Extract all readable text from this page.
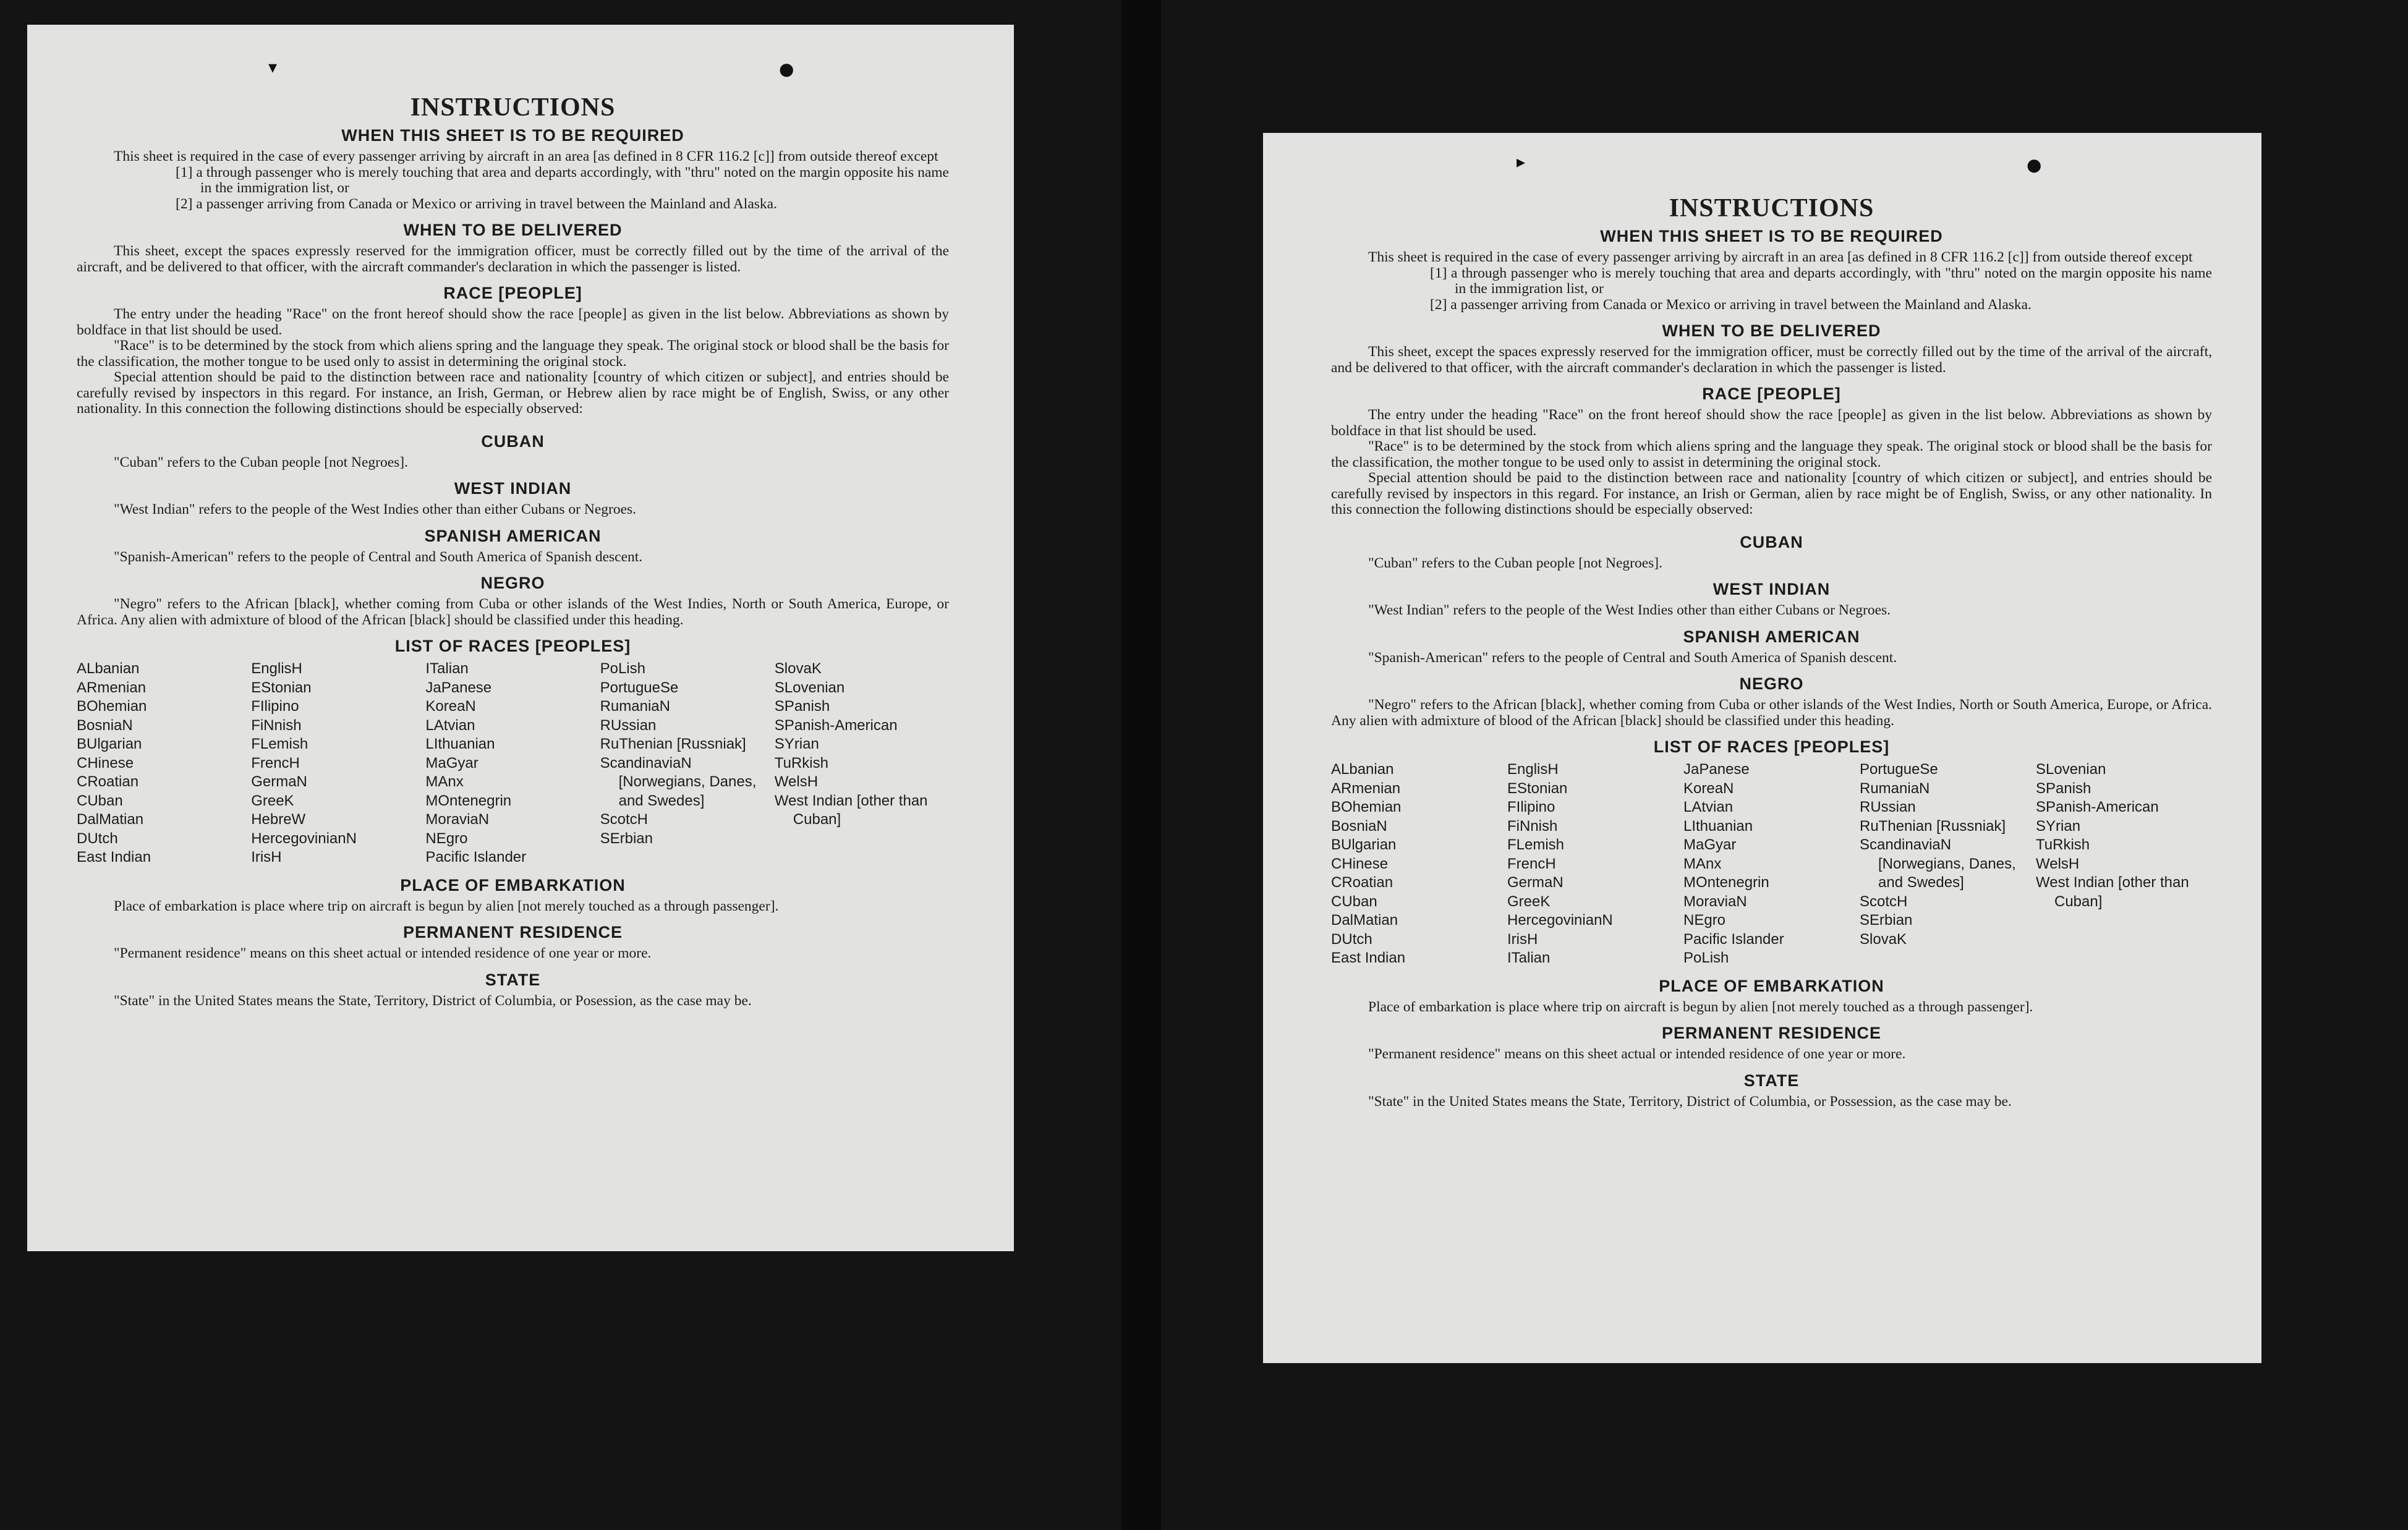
▾	●
INSTRUCTIONS
WHEN THIS SHEET IS TO BE REQUIRED

This sheet is required in the case of every passenger arriving by aircraft in an area [as defined in 8 CFR 116.2 [c]] from outside thereof except

[1] a through passenger who is merely touching that area and departs accordingly, with "thru" noted on the margin opposite his name in the immigration list, or

[2] a passenger arriving from Canada or Mexico or arriving in travel between the Mainland and Alaska.

WHEN TO BE DELIVERED

This sheet, except the spaces expressly reserved for the immigration officer, must be correctly filled out by the time of the arrival of the aircraft, and be delivered to that officer, with the aircraft commander's declaration in which the passenger is listed.

RACE [PEOPLE]

The entry under the heading "Race" on the front hereof should show the race [people] as given in the list below. Abbreviations as shown by boldface in that list should be used.

"Race" is to be determined by the stock from which aliens spring and the language they speak. The original stock or blood shall be the basis for the classification, the mother tongue to be used only to assist in determining the original stock.

Special attention should be paid to the distinction between race and nationality [country of which citizen or subject], and entries should be carefully revised by inspectors in this regard. For instance, an Irish, German, or Hebrew alien by race might be of English, Swiss, or any other nationality. In this connection the following distinctions should be especially observed:

CUBAN

"Cuban" refers to the Cuban people [not Negroes].

WEST INDIAN

"West Indian" refers to the people of the West Indies other than either Cubans or Negroes.

SPANISH AMERICAN

"Spanish-American" refers to the people of Central and South America of Spanish descent.

NEGRO

"Negro" refers to the African [black], whether coming from Cuba or other islands of the West Indies, North or South America, Europe, or Africa. Any alien with admixture of blood of the African [black] should be classified under this heading.

LIST OF RACES [PEOPLES]
ALbanian
ARmenian
BOhemian
BosniaN
BUlgarian
CHinese
CRoatian
CUban
DalMatian
DUtch
East Indian
EnglisH
EStonian
FIlipino
FiNnish
FLemish
FrencH
GermaN
GreeK
HebreW
HercegovinianN
IrisH
ITalian
JaPanese
KoreaN
LAtvian
LIthuanian
MaGyar
MAnx
MOntenegrin
MoraviaN
NEgro
Pacific Islander
PoLish
PortugueSe
RumaniaN
RUssian
RuThenian [Russniak]
ScandinaviaN [Norwegians, Danes, and Swedes]
ScotcH
SErbian
SlovaK
SLovenian
SPanish
SPanish-American
SYrian
TuRkish
WelsH
West Indian [other than Cuban]
PLACE OF EMBARKATION

Place of embarkation is place where trip on aircraft is begun by alien [not merely touched as a through passenger].

PERMANENT RESIDENCE

"Permanent residence" means on this sheet actual or intended residence of one year or more.

STATE

"State" in the United States means the State, Territory, District of Columbia, or Posession, as the case may be.

▸	●
INSTRUCTIONS
WHEN THIS SHEET IS TO BE REQUIRED

This sheet is required in the case of every passenger arriving by aircraft in an area [as defined in 8 CFR 116.2 [c]] from outside thereof except

[1] a through passenger who is merely touching that area and departs accordingly, with "thru" noted on the margin opposite his name in the immigration list, or

[2] a passenger arriving from Canada or Mexico or arriving in travel between the Mainland and Alaska.

WHEN TO BE DELIVERED

This sheet, except the spaces expressly reserved for the immigration officer, must be correctly filled out by the time of the arrival of the aircraft, and be delivered to that officer, with the aircraft commander's declaration in which the passenger is listed.

RACE [PEOPLE]

The entry under the heading "Race" on the front hereof should show the race [people] as given in the list below. Abbreviations as shown by boldface in that list should be used.

"Race" is to be determined by the stock from which aliens spring and the language they speak. The original stock or blood shall be the basis for the classification, the mother tongue to be used only to assist in determining the original stock.

Special attention should be paid to the distinction between race and nationality [country of which citizen or subject], and entries should be carefully revised by inspectors in this regard. For instance, an Irish or German, alien by race might be of English, Swiss, or any other nationality. In this connection the following distinctions should be especially observed:

CUBAN

"Cuban" refers to the Cuban people [not Negroes].

WEST INDIAN

"West Indian" refers to the people of the West Indies other than either Cubans or Negroes.

SPANISH AMERICAN

"Spanish-American" refers to the people of Central and South America of Spanish descent.

NEGRO

"Negro" refers to the African [black], whether coming from Cuba or other islands of the West Indies, North or South America, Europe, or Africa. Any alien with admixture of blood of the African [black] should be classified under this heading.

LIST OF RACES [PEOPLES]
ALbanian
ARmenian
BOhemian
BosniaN
BUlgarian
CHinese
CRoatian
CUban
DalMatian
DUtch
East Indian
EnglisH
EStonian
FIlipino
FiNnish
FLemish
FrencH
GermaN
GreeK
HercegovinianN
IrisH
ITalian
JaPanese
KoreaN
LAtvian
LIthuanian
MaGyar
MAnx
MOntenegrin
MoraviaN
NEgro
Pacific Islander
PoLish
PortugueSe
RumaniaN
RUssian
RuThenian [Russniak]
ScandinaviaN [Norwegians, Danes, and Swedes]
ScotcH
SErbian
SlovaK
SLovenian
SPanish
SPanish-American
SYrian
TuRkish
WelsH
West Indian [other than Cuban]
PLACE OF EMBARKATION

Place of embarkation is place where trip on aircraft is begun by alien [not merely touched as a through passenger].

PERMANENT RESIDENCE

"Permanent residence" means on this sheet actual or intended residence of one year or more.

STATE

"State" in the United States means the State, Territory, District of Columbia, or Possession, as the case may be.
